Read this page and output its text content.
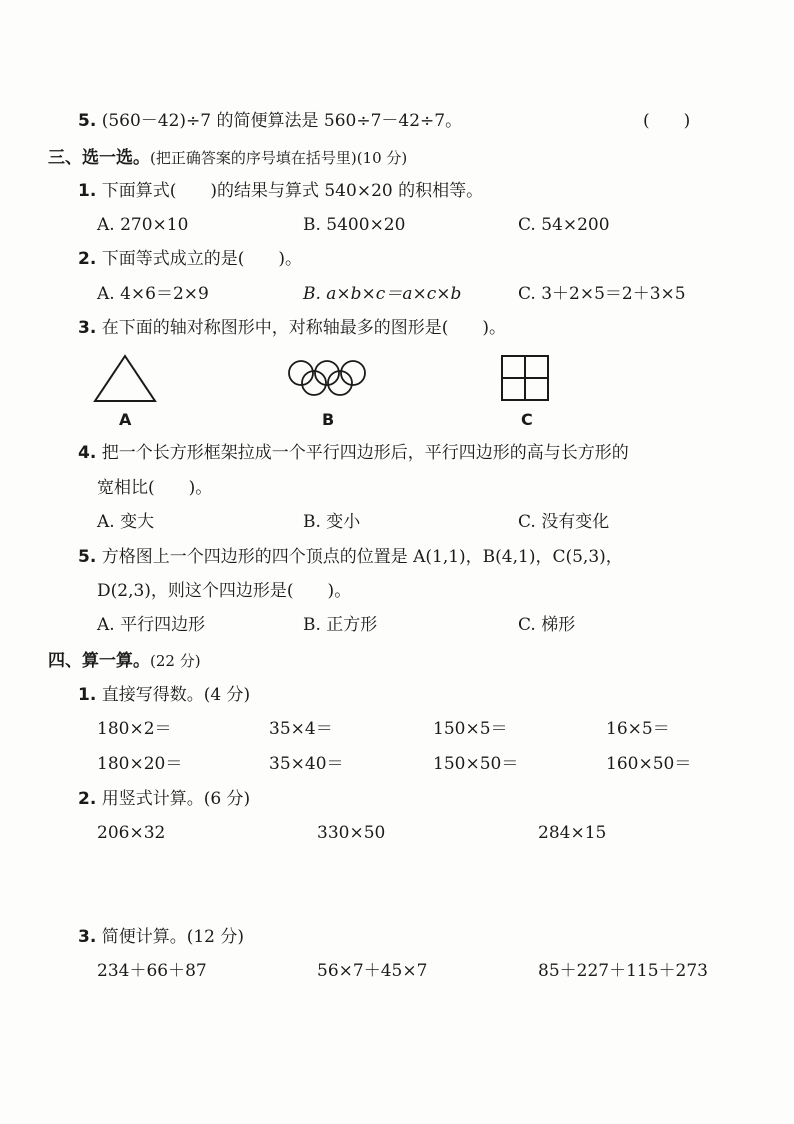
5. (560－42)÷7 的简便算法是 560÷7－42÷7。	(　　)
三、选一选。(把正确答案的序号填在括号里)(10 分)
1. 下面算式(　　)的结果与算式 540×20 的积相等。
A. 270×10	B. 5400×20	C. 54×200
2. 下面等式成立的是(　　)。
A. 4×6＝2×9	B. a×b×c＝a×c×b	C. 3＋2×5＝2＋3×5
3. 在下面的轴对称图形中，对称轴最多的图形是(　　)。
A	B	C
4. 把一个长方形框架拉成一个平行四边形后，平行四边形的高与长方形的
宽相比(　　)。
A. 变大	B. 变小	C. 没有变化
5. 方格图上一个四边形的四个顶点的位置是 A(1,1)，B(4,1)，C(5,3)，
D(2,3)，则这个四边形是(　　)。
A. 平行四边形	B. 正方形	C. 梯形
四、算一算。(22 分)
1. 直接写得数。(4 分)
180×2＝	35×4＝	150×5＝	16×5＝
180×20＝	35×40＝	150×50＝	160×50＝
2. 用竖式计算。(6 分)
206×32	330×50	284×15
3. 简便计算。(12 分)
234＋66＋87	56×7＋45×7	85＋227＋115＋273
